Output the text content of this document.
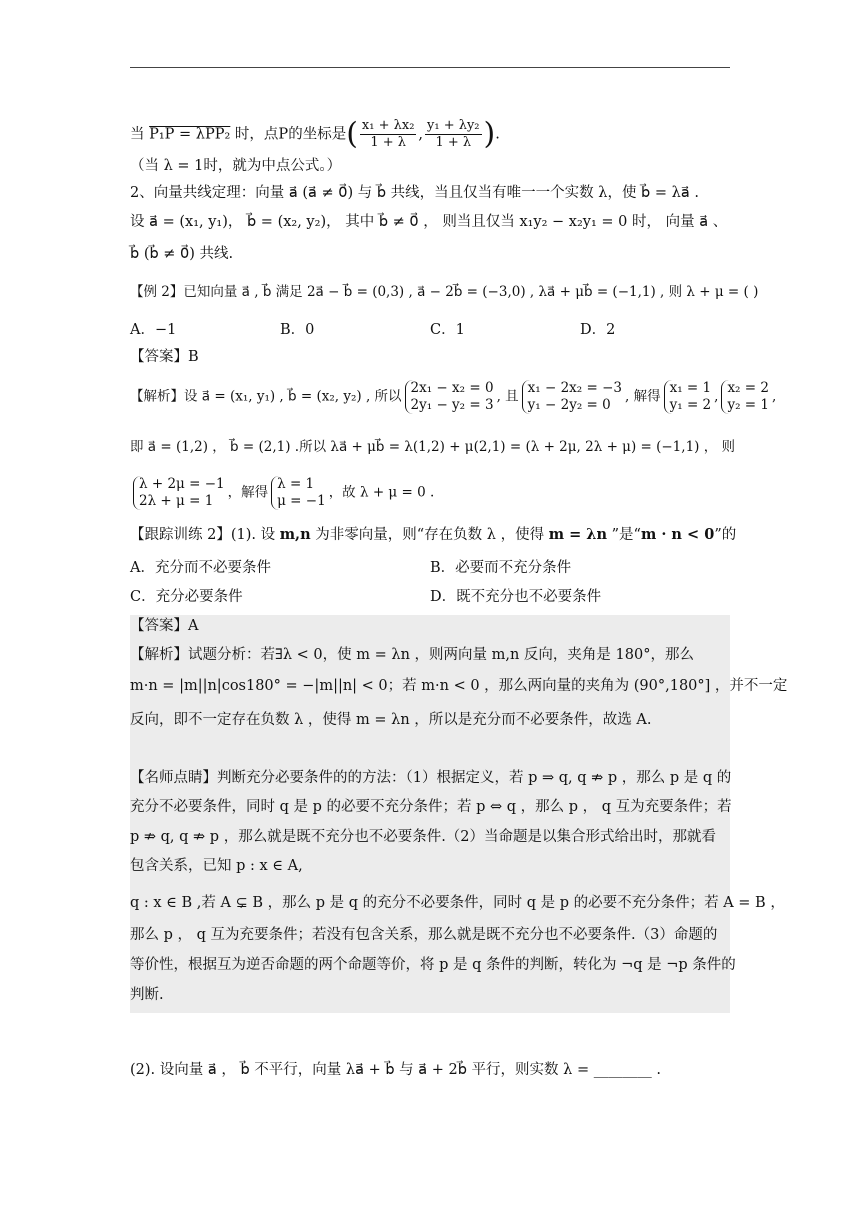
当 P₁P = λPP₂ 时，点P的坐标是( $\frac{\text{x₁ + λx₂}}{1 + \lambda}$ , $\frac{\text{y₁ + λy₂}}{1 + \lambda}$ ).
（当 λ = 1时，就为中点公式。）
2、向量共线定理：向量 a⃗ (a⃗ ≠ 0⃗) 与 b⃗ 共线，当且仅当有唯一一个实数 λ，使 b⃗ = λa⃗ .
设 a⃗ = (x₁, y₁)， b⃗ = (x₂, y₂)， 其中 b⃗ ≠ 0⃗ ， 则当且仅当 x₁y₂ − x₂y₁ = 0 时， 向量 a⃗ 、
b⃗ (b⃗ ≠ 0⃗) 共线.
【例 2】已知向量 a⃗ , b⃗ 满足 2a⃗ − b⃗ = (0,3) , a⃗ − 2b⃗ = (−3,0) , λa⃗ + μb⃗ = (−1,1) , 则 λ + μ = ( )
A．−1	B．0	C．1	D．2
【答案】B
【解析】设 a⃗ = (x₁, y₁) , b⃗ = (x₂, y₂) , 所以
2x₁ − x₂ = 0
2y₁ − y₂ = 3
, 且
x₁ − 2x₂ = −3
y₁ − 2y₂ = 0
, 解得
x₁ = 1
y₁ = 2
,
x₂ = 2
y₂ = 1
,
即 a⃗ = (1,2) ， b⃗ = (2,1) .所以 λa⃗ + μb⃗ = λ(1,2) + μ(2,1) = (λ + 2μ, 2λ + μ) = (−1,1) ， 则
λ + 2μ = −1
2λ + μ = 1
，解得
λ = 1
μ = −1
，故 λ + μ = 0 .
【跟踪训练 2】(1). 设 m,n 为非零向量，则“存在负数 λ ，使得 m = λn ”是“m · n < 0”的
A．充分而不必要条件	B．必要而不充分条件
C．充分必要条件	D．既不充分也不必要条件
【答案】A
【解析】试题分析：若∃λ < 0，使 m = λn ，则两向量 m,n 反向，夹角是 180°，那么
m·n = |m||n|cos180° = −|m||n| < 0；若 m·n < 0 ，那么两向量的夹角为 (90°,180°] ，并不一定
反向，即不一定存在负数 λ ，使得 m = λn ，所以是充分而不必要条件，故选 A.
【名师点睛】判断充分必要条件的的方法：（1）根据定义，若 p ⇒ q, q ⇏ p ，那么 p 是 q 的
充分不必要条件，同时 q 是 p 的必要不充分条件；若 p ⇔ q ，那么 p ， q 互为充要条件；若
p ⇏ q, q ⇏ p ，那么就是既不充分也不必要条件.（2）当命题是以集合形式给出时，那就看
包含关系，已知 p : x ∈ A,
q : x ∈ B ,若 A ⊊ B ，那么 p 是 q 的充分不必要条件，同时 q 是 p 的必要不充分条件；若 A = B ，
那么 p ， q 互为充要条件；若没有包含关系，那么就是既不充分也不必要条件.（3）命题的
等价性，根据互为逆否命题的两个命题等价，将 p 是 q 条件的判断，转化为 ¬q 是 ¬p 条件的
判断.
(2). 设向量 a⃗ ， b⃗ 不平行，向量 λa⃗ + b⃗ 与 a⃗ + 2b⃗ 平行，则实数 λ = ________ .
